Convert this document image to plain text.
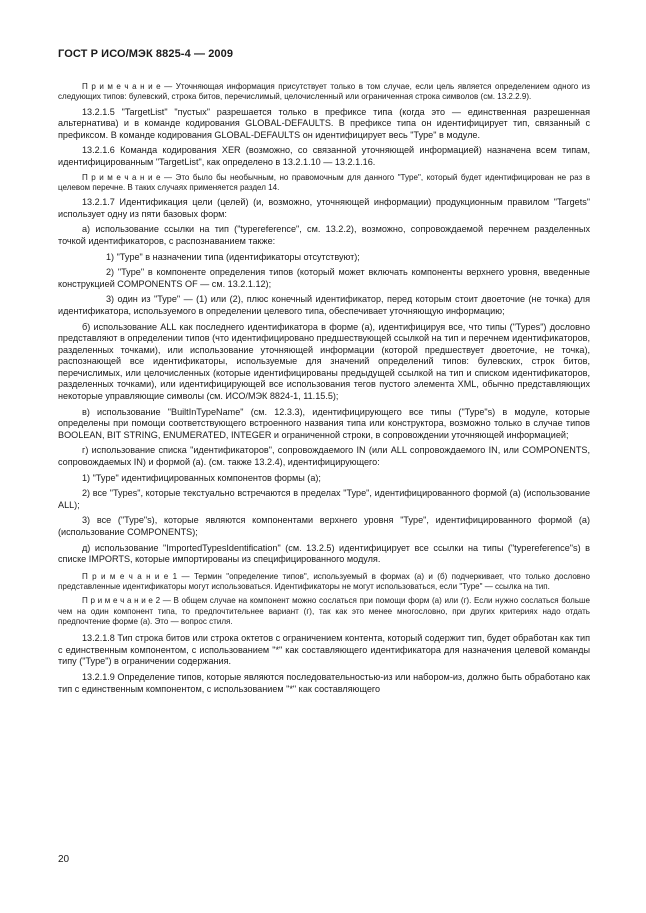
ГОСТ Р ИСО/МЭК 8825-4 — 2009

П р и м е ч а н и е — Уточняющая информация присутствует только в том случае, если цель является определением одного из следующих типов: булевский, строка битов, перечислимый, целочисленный или ограниченная строка символов (см. 13.2.2.9).

13.2.1.5 "TargetList" "пустых" разрешается только в префиксе типа (когда это — единственная разрешенная альтернатива) и в команде кодирования GLOBAL-DEFAULTS. В префиксе типа он идентифицирует тип, связанный с префиксом. В команде кодирования GLOBAL-DEFAULTS он идентифицирует весь "Type" в модуле.

13.2.1.6 Команда кодирования XER (возможно, со связанной уточняющей информацией) назначена всем типам, идентифицированным "TargetList", как определено в 13.2.1.10 — 13.2.1.16.

П р и м е ч а н и е — Это было бы необычным, но правомочным для данного "Type", который будет идентифицирован не раз в целевом перечне. В таких случаях применяется раздел 14.

13.2.1.7 Идентификация цели (целей) (и, возможно, уточняющей информации) продукционным правилом "Targets" использует одну из пяти базовых форм:

а) использование ссылки на тип ("typereference", см. 13.2.2), возможно, сопровождаемой перечнем разделенных точкой идентификаторов, с распознаванием также:

1) "Type" в назначении типа (идентификаторы отсутствуют);

2) "Type" в компоненте определения типов (который может включать компоненты верхнего уровня, введенные конструкцией COMPONENTS OF — см. 13.2.1.12);

3) один из "Type" — (1) или (2), плюс конечный идентификатор, перед которым стоит двоеточие (не точка) для идентификатора, используемого в определении целевого типа, обеспечивает уточняющую информацию;

б) использование ALL как последнего идентификатора в форме (а), идентифицируя все, что типы ("Types") дословно представляют в определении типов (что идентифицировано предшествующей ссылкой на тип и перечнем идентификаторов, разделенных точками), или использование уточняющей информации (которой предшествует двоеточие, не точка), распознающей все идентификаторы, используемые для значений определений типов: булевских, строк битов, перечислимых, или целочисленных (которые идентифицированы предыдущей ссылкой на тип и списком идентификаторов, разделенных точками), или идентифицирующей все использования тегов пустого элемента XML, обычно представляющих некоторые управляющие символы (см. ИСО/МЭК 8824-1, 11.15.5);

в) использование "BuiltInTypeName" (см. 12.3.3), идентифицирующего все типы ("Type"s) в модуле, которые определены при помощи соответствующего встроенного названия типа или конструктора, возможно только в случае типов BOOLEAN, BIT STRING, ENUMERATED, INTEGER и ограниченной строки, в сопровождении уточняющей информацией;

г) использование списка "идентификаторов", сопровождаемого IN (или ALL сопровождаемого IN, или COMPONENTS, сопровождаемых IN) и формой (а). (см. также 13.2.4), идентифицирующего:

1) "Type" идентифицированных компонентов формы (а);

2) все "Types", которые текстуально встречаются в пределах "Type", идентифицированного формой (а) (использование ALL);

3) все ("Type"s), которые являются компонентами верхнего уровня "Type", идентифицированного формой (а) (использование COMPONENTS);

д) использование "ImportedTypesIdentification" (см. 13.2.5) идентифицирует все ссылки на типы ("typereference"s) в списке IMPORTS, которые импортированы из специфицированного модуля.

П р и м е ч а н и е 1 — Термин "определение типов", используемый в формах (а) и (б) подчеркивает, что только дословно представленные идентификаторы могут использоваться. Идентификаторы не могут использоваться, если "Type" — ссылка на тип.

П р и м е ч а н и е 2 — В общем случае на компонент можно сослаться при помощи форм (а) или (г). Если нужно сослаться больше чем на один компонент типа, то предпочтительнее вариант (г), так как это менее многословно, при других критериях надо отдать предпочтение форме (а). Это — вопрос стиля.

13.2.1.8 Тип строка битов или строка октетов с ограничением контента, который содержит тип, будет обработан как тип с единственным компонентом, с использованием "*" как составляющего идентификатора для назначения целевой команды типу ("Type") в ограничении содержания.

13.2.1.9 Определение типов, которые являются последовательностью-из или набором-из, должно быть обработано как тип с единственным компонентом, с использованием "*" как составляющего

20
